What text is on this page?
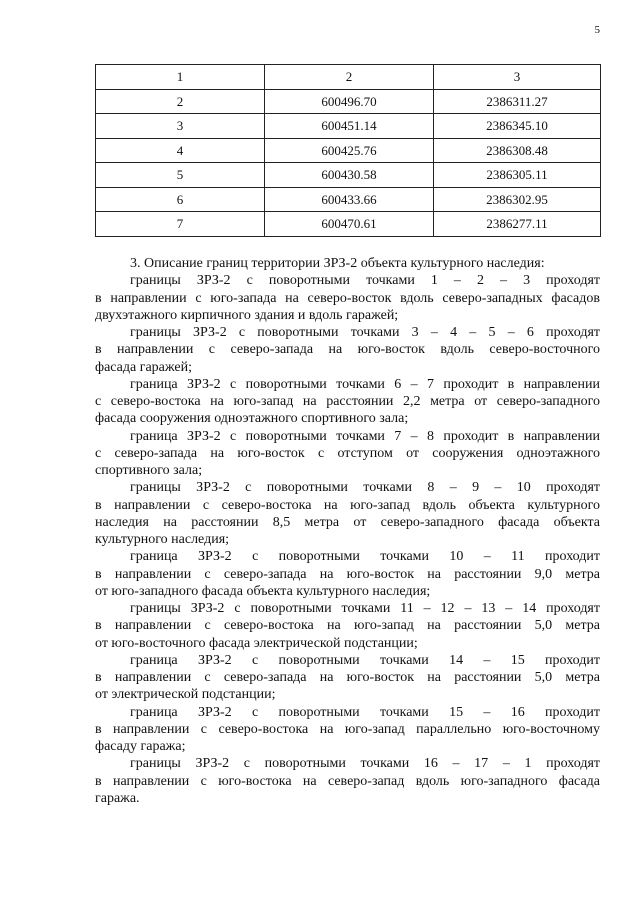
5
1	2	3
2	600496.70	2386311.27
3	600451.14	2386345.10
4	600425.76	2386308.48
5	600430.58	2386305.11
6	600433.66	2386302.95
7	600470.61	2386277.11
3. Описание границ территории ЗРЗ-2 объекта культурного наследия:
границы ЗРЗ-2 с поворотными точками 1 – 2 – 3 проходят
в направлении с юго-запада на северо-восток вдоль северо-западных фасадов
двухэтажного кирпичного здания и вдоль гаражей;
границы ЗРЗ-2 с поворотными точками 3 – 4 – 5 – 6 проходят
в направлении с северо-запада на юго-восток вдоль северо-восточного
фасада гаражей;
граница ЗРЗ-2 с поворотными точками 6 – 7 проходит в направлении
с северо-востока на юго-запад на расстоянии 2,2 метра от северо-западного
фасада сооружения одноэтажного спортивного зала;
граница ЗРЗ-2 с поворотными точками 7 – 8 проходит в направлении
с северо-запада на юго-восток с отступом от сооружения одноэтажного
спортивного зала;
границы ЗРЗ-2 с поворотными точками 8 – 9 – 10 проходят
в направлении с северо-востока на юго-запад вдоль объекта культурного
наследия на расстоянии 8,5 метра от северо-западного фасада объекта
культурного наследия;
граница ЗРЗ-2 с поворотными точками 10 – 11 проходит
в направлении с северо-запада на юго-восток на расстоянии 9,0 метра
от юго-западного фасада объекта культурного наследия;
границы ЗРЗ-2 с поворотными точками 11 – 12 – 13 – 14 проходят
в направлении с северо-востока на юго-запад на расстоянии 5,0 метра
от юго-восточного фасада электрической подстанции;
граница ЗРЗ-2 с поворотными точками 14 – 15 проходит
в направлении с северо-запада на юго-восток на расстоянии 5,0 метра
от электрической подстанции;
граница ЗРЗ-2 с поворотными точками 15 – 16 проходит
в направлении с северо-востока на юго-запад параллельно юго-восточному
фасаду гаража;
границы ЗРЗ-2 с поворотными точками 16 – 17 – 1 проходят
в направлении с юго-востока на северо-запад вдоль юго-западного фасада
гаража.
